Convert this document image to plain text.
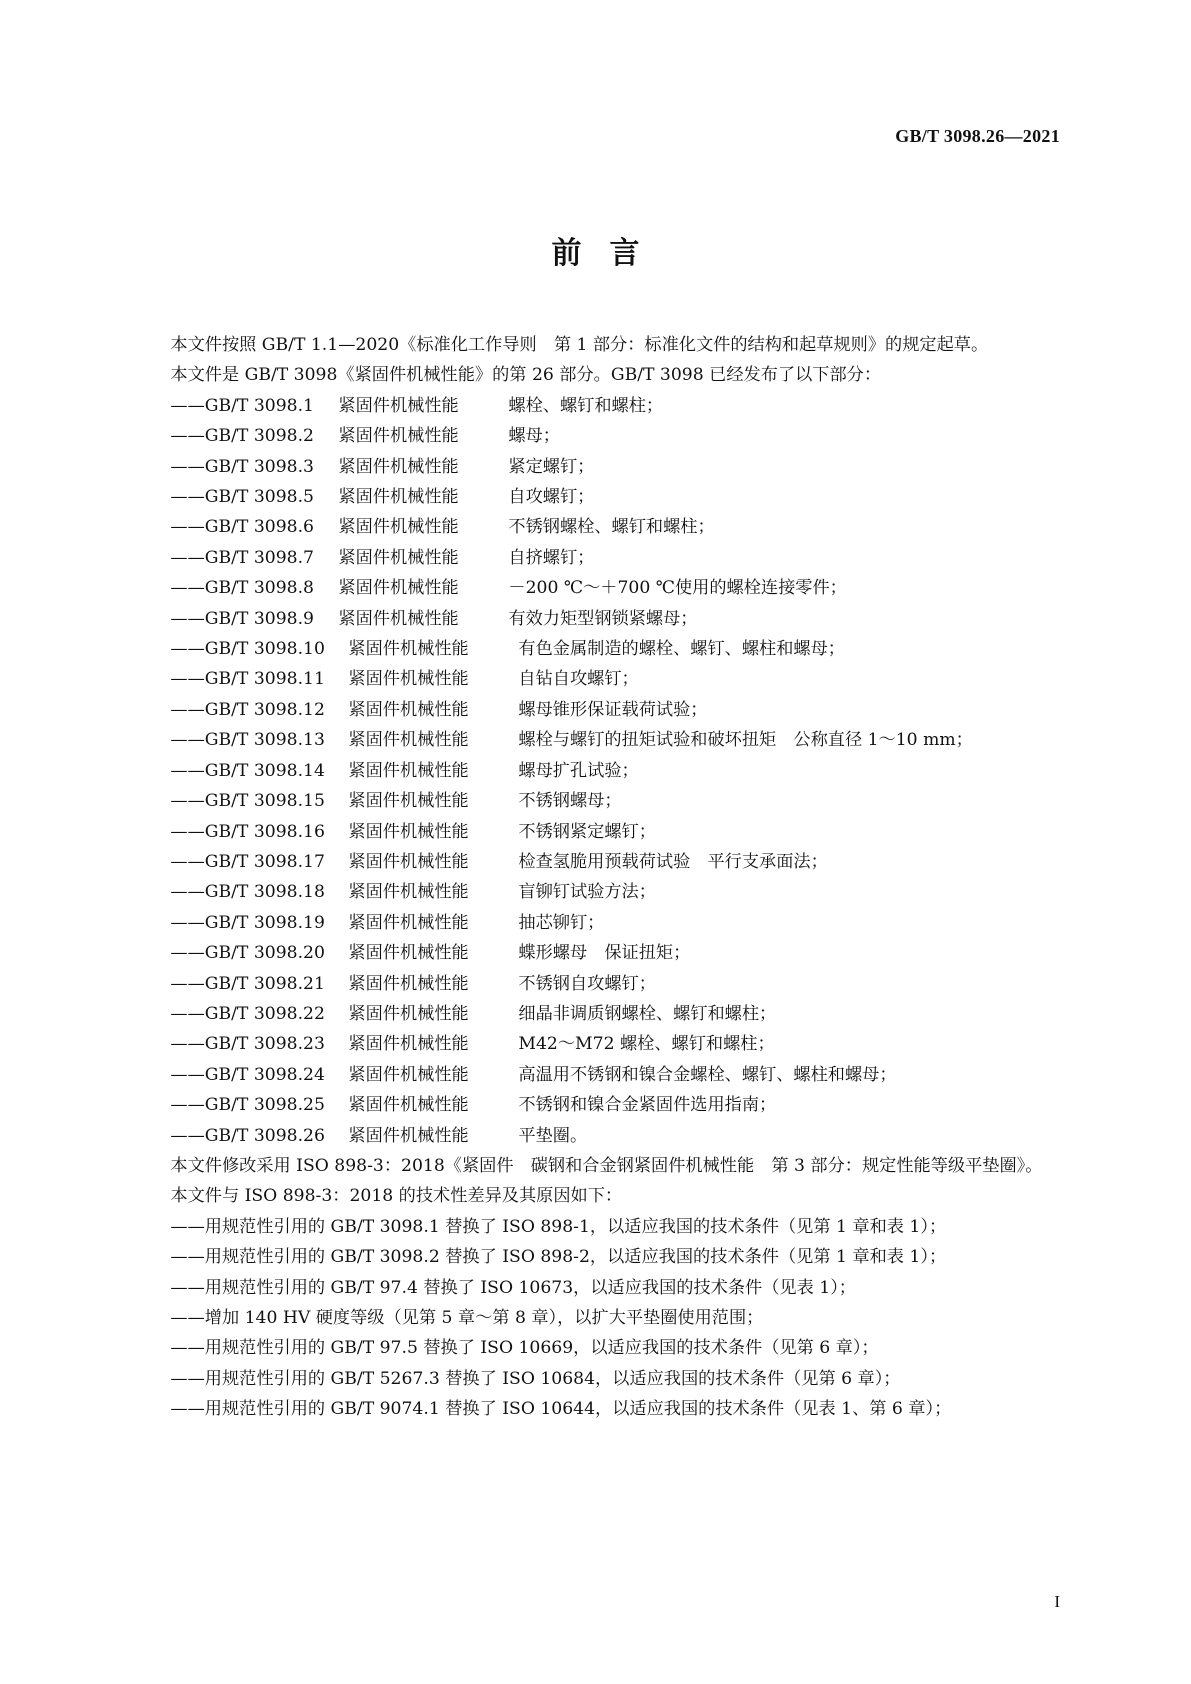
GB/T 3098.26—2021
前言

本文件按照 GB/T 1.1—2020《标准化工作导则　第 1 部分：标准化文件的结构和起草规则》的规定起草。

本文件是 GB/T 3098《紧固件机械性能》的第 26 部分。GB/T 3098 已经发布了以下部分：

——GB/T 3098.1 紧固件机械性能	螺栓、螺钉和螺柱；

——GB/T 3098.2 紧固件机械性能	螺母；

——GB/T 3098.3 紧固件机械性能	紧定螺钉；

——GB/T 3098.5 紧固件机械性能	自攻螺钉；

——GB/T 3098.6 紧固件机械性能	不锈钢螺栓、螺钉和螺柱；

——GB/T 3098.7 紧固件机械性能	自挤螺钉；

——GB/T 3098.8 紧固件机械性能	－200 ℃～＋700 ℃使用的螺栓连接零件；

——GB/T 3098.9 紧固件机械性能	有效力矩型钢锁紧螺母；

——GB/T 3098.10 紧固件机械性能	有色金属制造的螺栓、螺钉、螺柱和螺母；

——GB/T 3098.11 紧固件机械性能	自钻自攻螺钉；

——GB/T 3098.12 紧固件机械性能	螺母锥形保证载荷试验；

——GB/T 3098.13 紧固件机械性能	螺栓与螺钉的扭矩试验和破坏扭矩　公称直径 1～10 mm；

——GB/T 3098.14 紧固件机械性能	螺母扩孔试验；

——GB/T 3098.15 紧固件机械性能	不锈钢螺母；

——GB/T 3098.16 紧固件机械性能	不锈钢紧定螺钉；

——GB/T 3098.17 紧固件机械性能	检查氢脆用预载荷试验　平行支承面法；

——GB/T 3098.18 紧固件机械性能	盲铆钉试验方法；

——GB/T 3098.19 紧固件机械性能	抽芯铆钉；

——GB/T 3098.20 紧固件机械性能	蝶形螺母　保证扭矩；

——GB/T 3098.21 紧固件机械性能	不锈钢自攻螺钉；

——GB/T 3098.22 紧固件机械性能	细晶非调质钢螺栓、螺钉和螺柱；

——GB/T 3098.23 紧固件机械性能	M42～M72 螺栓、螺钉和螺柱；

——GB/T 3098.24 紧固件机械性能	高温用不锈钢和镍合金螺栓、螺钉、螺柱和螺母；

——GB/T 3098.25 紧固件机械性能	不锈钢和镍合金紧固件选用指南；

——GB/T 3098.26 紧固件机械性能	平垫圈。

本文件修改采用 ISO 898-3：2018《紧固件　碳钢和合金钢紧固件机械性能　第 3 部分：规定性能等级平垫圈》。

本文件与 ISO 898-3：2018 的技术性差异及其原因如下：

——用规范性引用的 GB/T 3098.1 替换了 ISO 898-1，以适应我国的技术条件（见第 1 章和表 1）；

——用规范性引用的 GB/T 3098.2 替换了 ISO 898-2，以适应我国的技术条件（见第 1 章和表 1）；

——用规范性引用的 GB/T 97.4 替换了 ISO 10673，以适应我国的技术条件（见表 1）；

——增加 140 HV 硬度等级（见第 5 章～第 8 章），以扩大平垫圈使用范围；

——用规范性引用的 GB/T 97.5 替换了 ISO 10669，以适应我国的技术条件（见第 6 章）；

——用规范性引用的 GB/T 5267.3 替换了 ISO 10684，以适应我国的技术条件（见第 6 章）；

——用规范性引用的 GB/T 9074.1 替换了 ISO 10644，以适应我国的技术条件（见表 1、第 6 章）；

I
